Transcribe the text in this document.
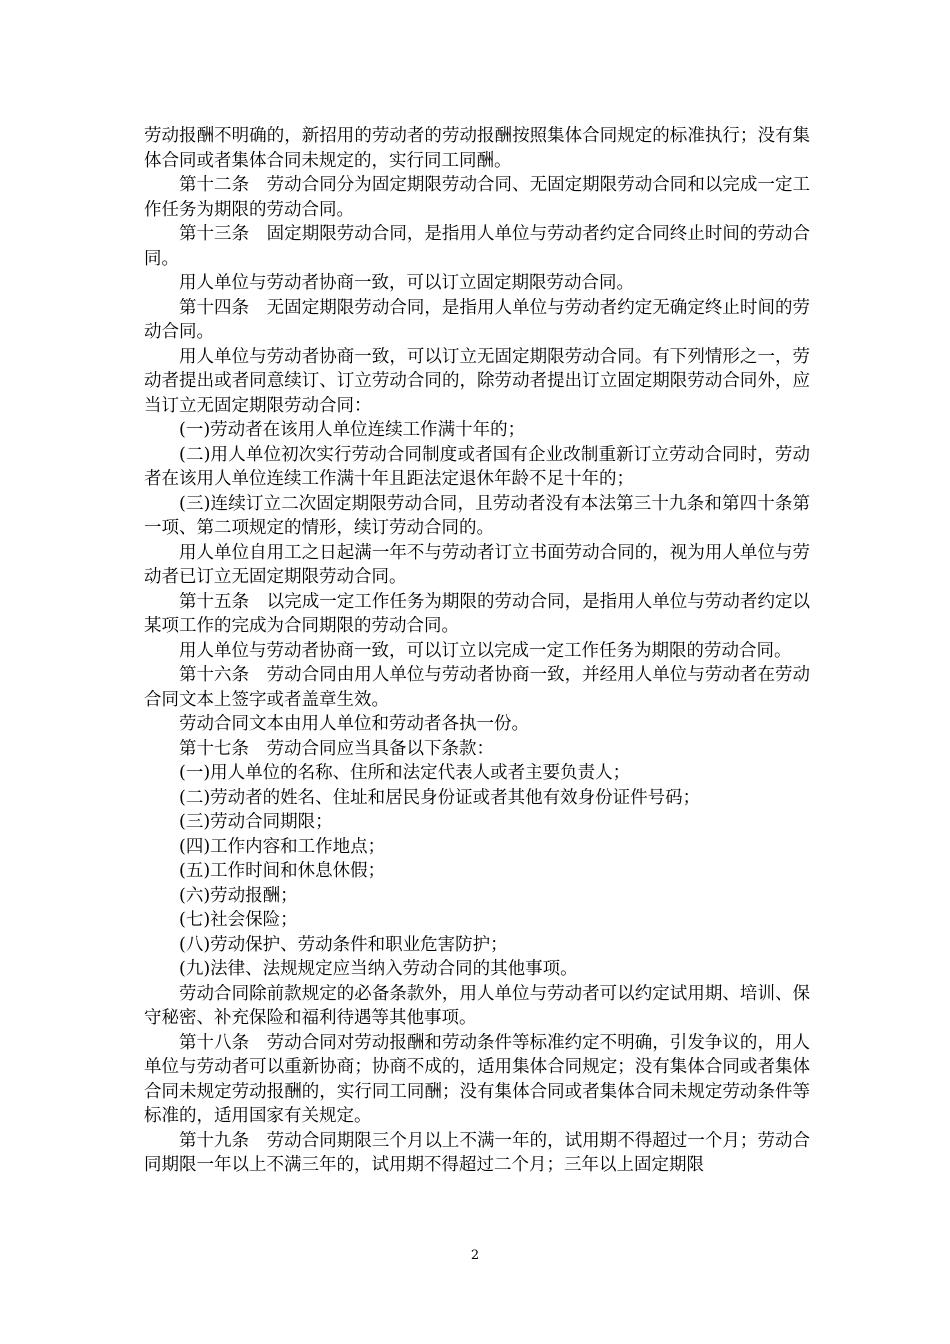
劳动报酬不明确的，新招用的劳动者的劳动报酬按照集体合同规定的标准执行；没有集体合同或者集体合同未规定的，实行同工同酬。

第十二条　劳动合同分为固定期限劳动合同、无固定期限劳动合同和以完成一定工作任务为期限的劳动合同。

第十三条　固定期限劳动合同，是指用人单位与劳动者约定合同终止时间的劳动合同。

用人单位与劳动者协商一致，可以订立固定期限劳动合同。

第十四条　无固定期限劳动合同，是指用人单位与劳动者约定无确定终止时间的劳动合同。

用人单位与劳动者协商一致，可以订立无固定期限劳动合同。有下列情形之一，劳动者提出或者同意续订、订立劳动合同的，除劳动者提出订立固定期限劳动合同外，应当订立无固定期限劳动合同：

(一)劳动者在该用人单位连续工作满十年的；

(二)用人单位初次实行劳动合同制度或者国有企业改制重新订立劳动合同时，劳动者在该用人单位连续工作满十年且距法定退休年龄不足十年的；

(三)连续订立二次固定期限劳动合同，且劳动者没有本法第三十九条和第四十条第一项、第二项规定的情形，续订劳动合同的。

用人单位自用工之日起满一年不与劳动者订立书面劳动合同的，视为用人单位与劳动者已订立无固定期限劳动合同。

第十五条　以完成一定工作任务为期限的劳动合同，是指用人单位与劳动者约定以某项工作的完成为合同期限的劳动合同。

用人单位与劳动者协商一致，可以订立以完成一定工作任务为期限的劳动合同。

第十六条　劳动合同由用人单位与劳动者协商一致，并经用人单位与劳动者在劳动合同文本上签字或者盖章生效。

劳动合同文本由用人单位和劳动者各执一份。

第十七条　劳动合同应当具备以下条款：

(一)用人单位的名称、住所和法定代表人或者主要负责人；

(二)劳动者的姓名、住址和居民身份证或者其他有效身份证件号码；

(三)劳动合同期限；

(四)工作内容和工作地点；

(五)工作时间和休息休假；

(六)劳动报酬；

(七)社会保险；

(八)劳动保护、劳动条件和职业危害防护；

(九)法律、法规规定应当纳入劳动合同的其他事项。

劳动合同除前款规定的必备条款外，用人单位与劳动者可以约定试用期、培训、保守秘密、补充保险和福利待遇等其他事项。

第十八条　劳动合同对劳动报酬和劳动条件等标准约定不明确，引发争议的，用人单位与劳动者可以重新协商；协商不成的，适用集体合同规定；没有集体合同或者集体合同未规定劳动报酬的，实行同工同酬；没有集体合同或者集体合同未规定劳动条件等标准的，适用国家有关规定。

第十九条　劳动合同期限三个月以上不满一年的，试用期不得超过一个月；劳动合同期限一年以上不满三年的，试用期不得超过二个月；三年以上固定期限

2
